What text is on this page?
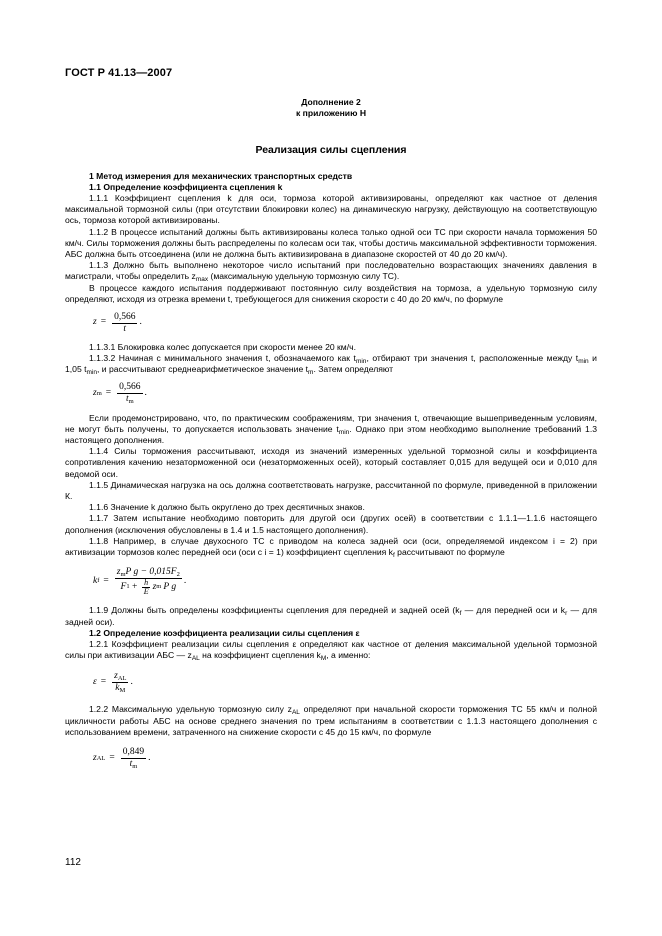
ГОСТ Р 41.13—2007
Дополнение 2
к приложению Н
Реализация силы сцепления
1 Метод измерения для механических транспортных средств
1.1 Определение коэффициента сцепления k

1.1.1 Коэффициент сцепления k для оси, тормоза которой активизированы, определяют как частное от деления максимальной тормозной силы (при отсутствии блокировки колес) на динамическую нагрузку, действующую на соответствующую ось, тормоза которой активизированы.

1.1.2 В процессе испытаний должны быть активизированы колеса только одной оси ТС при скорости начала торможения 50 км/ч. Силы торможения должны быть распределены по колесам оси так, чтобы достичь максимальной эффективности торможения. АБС должна быть отсоединена (или не должна быть активизирована в диапазоне скоростей от 40 до 20 км/ч).

1.1.3 Должно быть выполнено некоторое число испытаний при последовательно возрастающих значениях давления в магистрали, чтобы определить $z_{max}$ (максимальную удельную тормозную силу ТС).

В процессе каждого испытания поддерживают постоянную силу воздействия на тормоза, а удельную тормозную силу определяют, исходя из отрезка времени t, требующегося для снижения скорости с 40 до 20 км/ч, по формуле

$z = \frac{0,566}{t}$ .

1.1.3.1 Блокировка колес допускается при скорости менее 20 км/ч.

1.1.3.2 Начиная с минимального значения t, обозначаемого как $t_{min}$, отбирают три значения t, расположенные между $t_{min}$ и 1,05 $t_{min}$, и рассчитывают среднеарифметическое значение $t_m$. Затем определяют

z $m = \frac{0,566}{t_m}$ .

Если продемонстрировано, что, по практическим соображениям, три значения t, отвечающие вышеприведенным условиям, не могут быть получены, то допускается использовать значение $t_{min}$. Однако при этом необходимо выполнение требований 1.3 настоящего дополнения.

1.1.4 Силы торможения рассчитывают, исходя из значений измеренных удельной тормозной силы и коэффициента сопротивления качению незаторможенной оси (незаторможенных осей), который составляет 0,015 для ведущей оси и 0,010 для ведомой оси.

1.1.5 Динамическая нагрузка на ось должна соответствовать нагрузке, рассчитанной по формуле, приведенной в приложении К.

1.1.6 Значение k должно быть округлено до трех десятичных знаков.

1.1.7 Затем испытание необходимо повторить для другой оси (других осей) в соответствии с 1.1.1—1.1.6 настоящего дополнения (исключения обусловлены в 1.4 и 1.5 настоящего дополнения).

1.1.8 Например, в случае двухосного ТС с приводом на колеса задней оси (оси, определяемой индексом i = 2) при активизации тормозов колес передней оси (оси с i = 1) коэффициент сцепления $k_f$ рассчитывают по формуле

k $f = \frac{z_mP g - 0,015F_2}{F 1 + \frac{h}{E} z m P g}$ .

1.1.9 Должны быть определены коэффициенты сцепления для передней и задней осей ($k_f$ — для передней оси и $k_r$ — для задней оси).

1.2 Определение коэффициента реализации силы сцепления ε

1.2.1 Коэффициент реализации силы сцепления ε определяют как частное от деления максимальной удельной тормозной силы при активизации АБС — $z_{AL}$ на коэффициент сцепления $k_M$, а именно:

$\varepsilon = \frac{z_{AL}}{k_M}$ .

1.2.2 Максимальную удельную тормозную силу $z_{AL}$ определяют при начальной скорости торможения ТС 55 км/ч и полной цикличности работы АБС на основе среднего значения по трем испытаниям в соответствии с 1.1.3 настоящего дополнения с использованием времени, затраченного на снижение скорости с 45 до 15 км/ч, по формуле

z AL = $\frac{0,849}{t_m}$ .
112
